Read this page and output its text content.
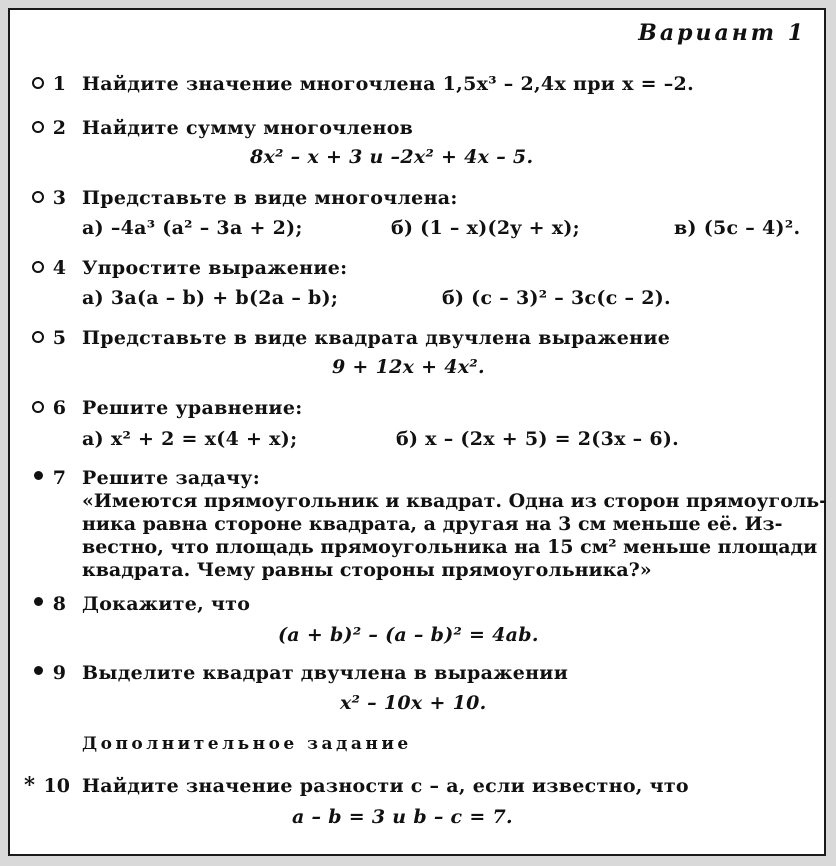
Вариант 1
1 Найдите значение многочлена 1,5x³ – 2,4x при x = –2.
2 Найдите сумму многочленов
8x² – x + 3 и –2x² + 4x – 5.
3 Представьте в виде многочлена:
а) –4a³ (a² – 3a + 2);	б) (1 – x)(2y + x);	в) (5c – 4)².
4 Упростите выражение:
а) 3a(a – b) + b(2a – b);	б) (c – 3)² – 3c(c – 2).
5 Представьте в виде квадрата двучлена выражение
9 + 12x + 4x².
6 Решите уравнение:
а) x² + 2 = x(4 + x);	б) x – (2x + 5) = 2(3x – 6).
7 Решите задачу:
«Имеются прямоугольник и квадрат. Одна из сторон прямоуголь-
ника равна стороне квадрата, а другая на 3 см меньше её. Из-
вестно, что площадь прямоугольника на 15 см² меньше площади
квадрата. Чему равны стороны прямоугольника?»
8 Докажите, что
(a + b)² – (a – b)² = 4ab.
9 Выделите квадрат двучлена в выражении
x² – 10x + 10.
Дополнительное задание
* 10 Найдите значение разности c – a, если известно, что
a – b = 3 и b – c = 7.
